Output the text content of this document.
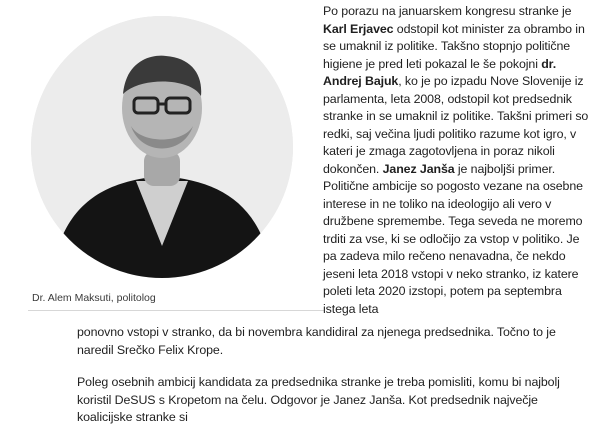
Dr. Alem Maksuti, politolog

Po porazu na januarskem kongresu stranke je Karl Erjavec odstopil kot minister za obrambo in se umaknil iz politike. Takšno stopnjo politične higiene je pred leti pokazal le še pokojni dr. Andrej Bajuk, ko je po izpadu Nove Slovenije iz parlamenta, leta 2008, odstopil kot predsednik stranke in se umaknil iz politike. Takšni primeri so redki, saj večina ljudi politiko razume kot igro, v kateri je zmaga zagotovljena in poraz nikoli dokončen. Janez Janša je najboljši primer. Politične ambicije so pogosto vezane na osebne interese in ne toliko na ideologijo ali vero v družbene spremembe. Tega seveda ne moremo trditi za vse, ki se odločijo za vstop v politiko. Je pa zadeva milo rečeno nenavadna, če nekdo jeseni leta 2018 vstopi v neko stranko, iz katere poleti leta 2020 izstopi, potem pa septembra istega leta

ponovno vstopi v stranko, da bi novembra kandidiral za njenega predsednika. Točno to je naredil Srečko Felix Krope.

Poleg osebnih ambicij kandidata za predsednika stranke je treba pomisliti, komu bi najbolj koristil DeSUS s Kropetom na čelu. Odgovor je Janez Janša. Kot predsednik največje koalicijske stranke si
